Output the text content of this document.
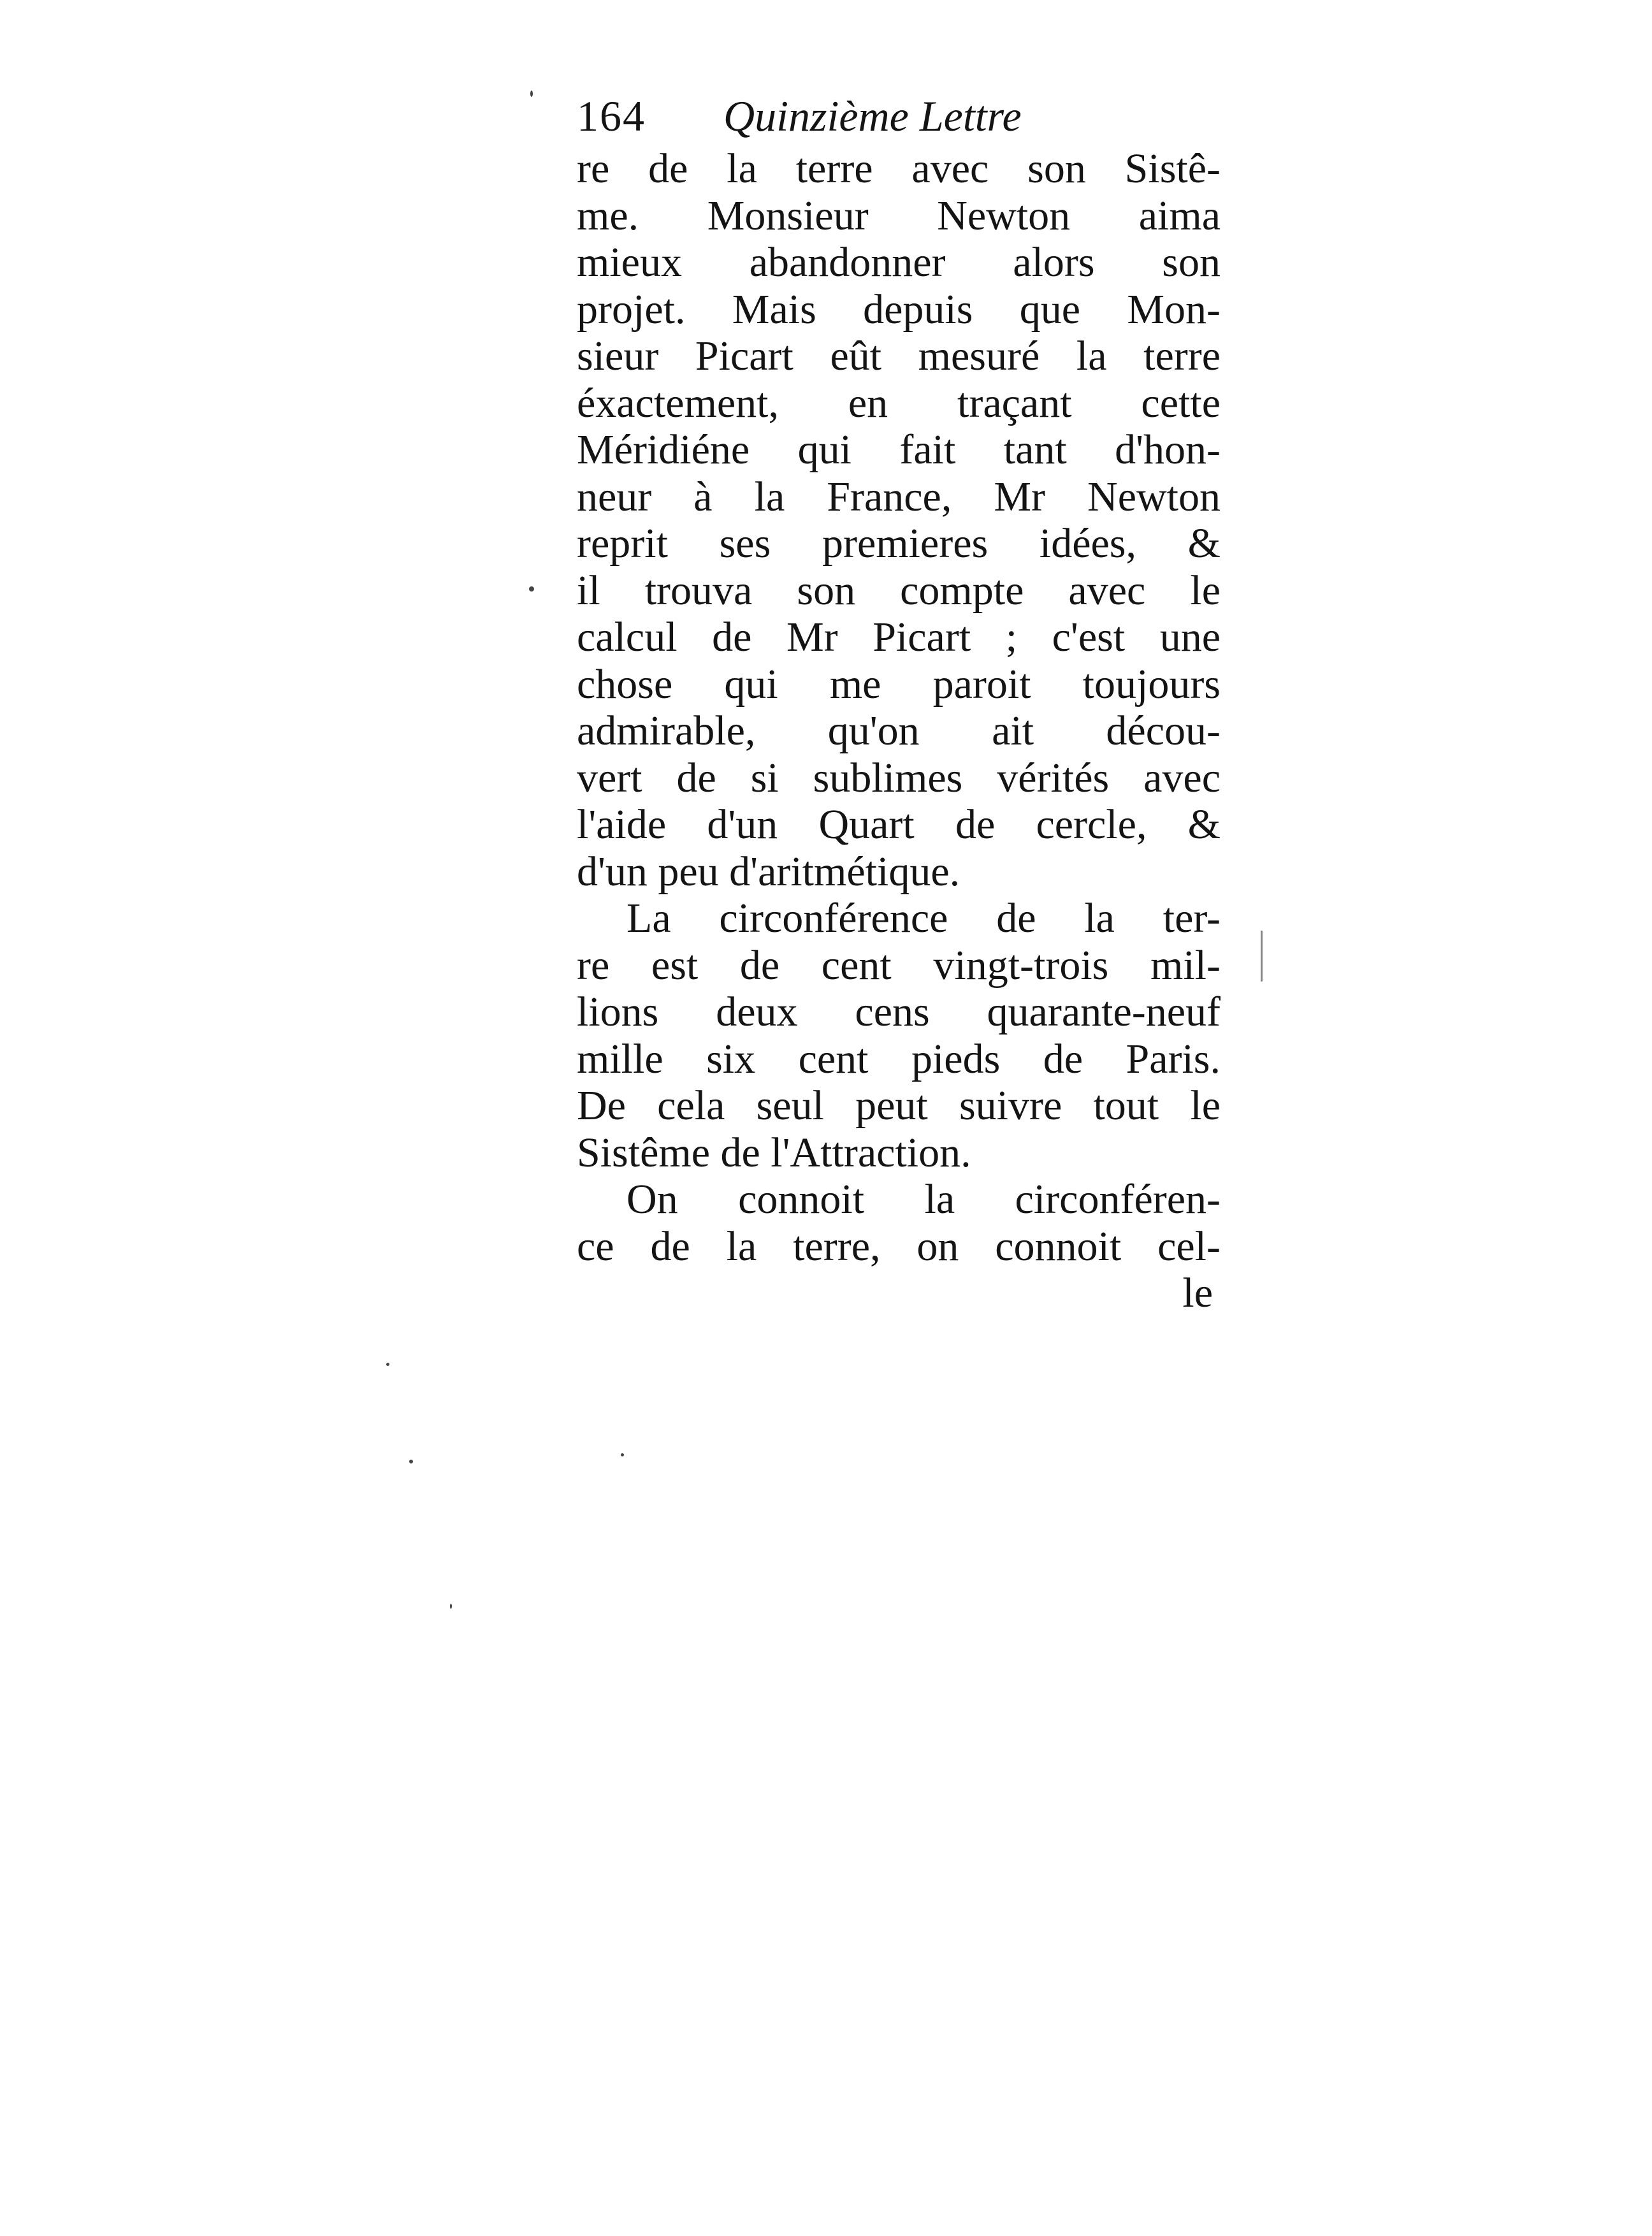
164 Quinzième Lettre
re de la terre avec son Sistê-
me. Monsieur Newton aima
mieux abandonner alors son
projet. Mais depuis que Mon-
sieur Picart eût mesuré la terre
éxactement, en traçant cette
Méridiéne qui fait tant d'hon-
neur à la France, Mr Newton
reprit ses premieres idées, &
il trouva son compte avec le
calcul de Mr Picart ; c'est une
chose qui me paroit toujours
admirable, qu'on ait décou-
vert de si sublimes vérités avec
l'aide d'un Quart de cercle, &
d'un peu d'aritmétique.
La circonférence de la ter-
re est de cent vingt-trois mil-
lions deux cens quarante-neuf
mille six cent pieds de Paris.
De cela seul peut suivre tout le
Sistême de l'Attraction.
On connoit la circonféren-
ce de la terre, on connoit cel-
le
